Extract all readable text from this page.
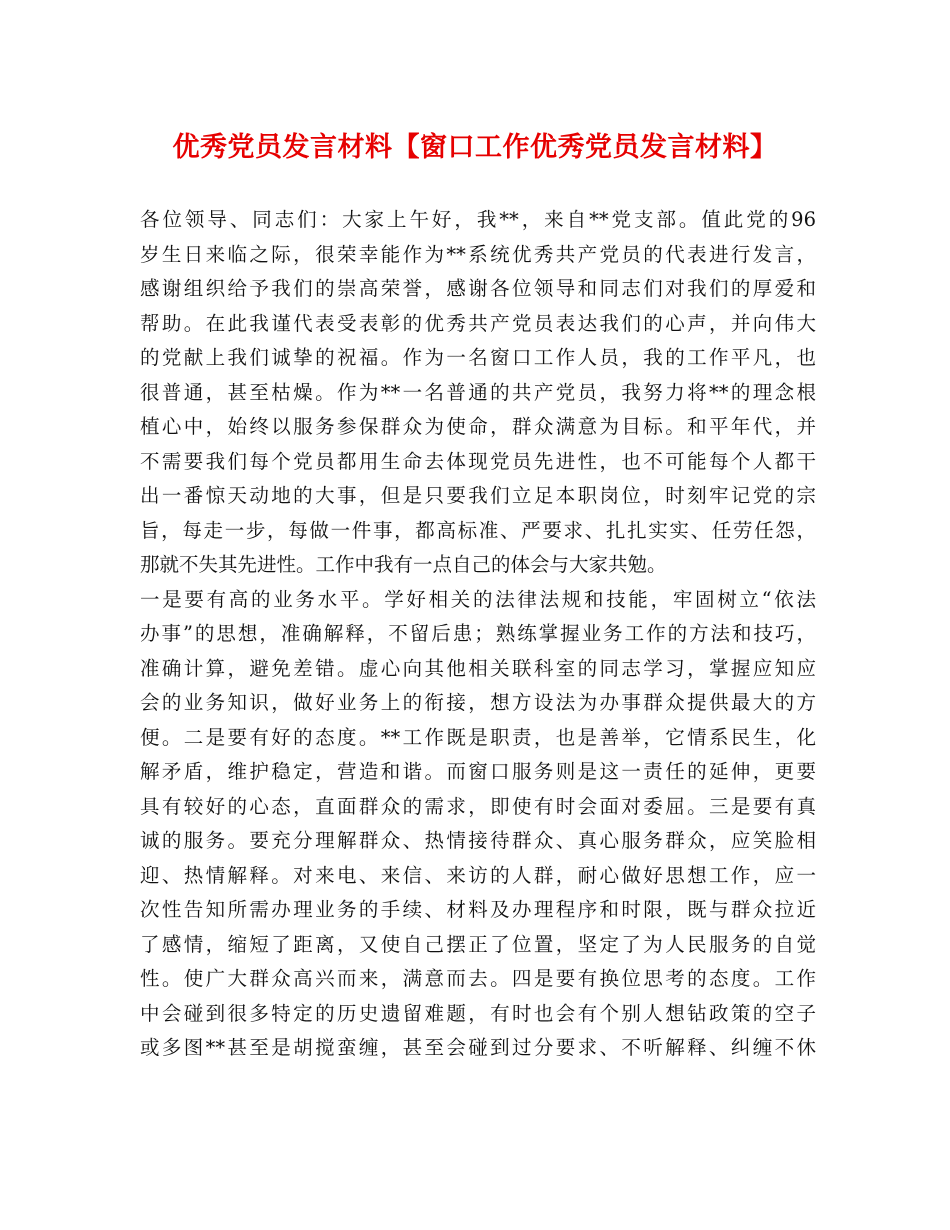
优秀党员发言材料【窗口工作优秀党员发言材料】
各位领导、同志们：大家上午好，我**，来自**党支部。值此党的96
岁生日来临之际，很荣幸能作为**系统优秀共产党员的代表进行发言，
感谢组织给予我们的崇高荣誉，感谢各位领导和同志们对我们的厚爱和
帮助。在此我谨代表受表彰的优秀共产党员表达我们的心声，并向伟大
的党献上我们诚挚的祝福。作为一名窗口工作人员，我的工作平凡，也
很普通，甚至枯燥。作为**一名普通的共产党员，我努力将**的理念根
植心中，始终以服务参保群众为使命，群众满意为目标。和平年代，并
不需要我们每个党员都用生命去体现党员先进性，也不可能每个人都干
出一番惊天动地的大事，但是只要我们立足本职岗位，时刻牢记党的宗
旨，每走一步，每做一件事，都高标准、严要求、扎扎实实、任劳任怨，
那就不失其先进性。工作中我有一点自己的体会与大家共勉。
一是要有高的业务水平。学好相关的法律法规和技能，牢固树立“依法
办事”的思想，准确解释，不留后患；熟练掌握业务工作的方法和技巧，
准确计算，避免差错。虚心向其他相关联科室的同志学习，掌握应知应
会的业务知识，做好业务上的衔接，想方设法为办事群众提供最大的方
便。二是要有好的态度。**工作既是职责，也是善举，它情系民生，化
解矛盾，维护稳定，营造和谐。而窗口服务则是这一责任的延伸，更要
具有较好的心态，直面群众的需求，即使有时会面对委屈。三是要有真
诚的服务。要充分理解群众、热情接待群众、真心服务群众，应笑脸相
迎、热情解释。对来电、来信、来访的人群，耐心做好思想工作，应一
次性告知所需办理业务的手续、材料及办理程序和时限，既与群众拉近
了感情，缩短了距离，又使自己摆正了位置，坚定了为人民服务的自觉
性。使广大群众高兴而来，满意而去。四是要有换位思考的态度。工作
中会碰到很多特定的历史遗留难题，有时也会有个别人想钻政策的空子
或多图**甚至是胡搅蛮缠，甚至会碰到过分要求、不听解释、纠缠不休
